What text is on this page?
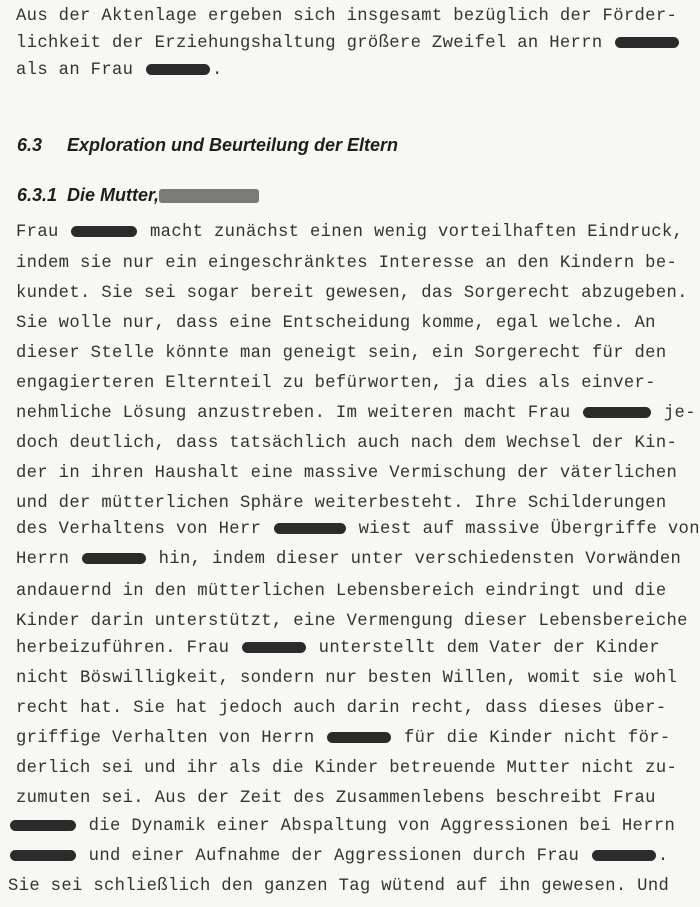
Aus der Aktenlage ergeben sich insgesamt bezüglich der Förder-
lichkeit der Erziehungshaltung größere Zweifel an Herrn
als an Frau	.
6.3 Exploration und Beurteilung der Eltern
6.3.1 Die Mutter,
Frau	macht zunächst einen wenig vorteilhaften Eindruck,
indem sie nur ein eingeschränktes Interesse an den Kindern be-
kundet. Sie sei sogar bereit gewesen, das Sorgerecht abzugeben.
Sie wolle nur, dass eine Entscheidung komme, egal welche. An
dieser Stelle könnte man geneigt sein, ein Sorgerecht für den
engagierteren Elternteil zu befürworten, ja dies als einver-
nehmliche Lösung anzustreben. Im weiteren macht Frau	je-
doch deutlich, dass tatsächlich auch nach dem Wechsel der Kin-
der in ihren Haushalt eine massive Vermischung der väterlichen
und der mütterlichen Sphäre weiterbesteht. Ihre Schilderungen
des Verhaltens von Herr	wiest auf massive Übergriffe von
Herrn	hin, indem dieser unter verschiedensten Vorwänden
andauernd in den mütterlichen Lebensbereich eindringt und die
Kinder darin unterstützt, eine Vermengung dieser Lebensbereiche
herbeizuführen. Frau	unterstellt dem Vater der Kinder
nicht Böswilligkeit, sondern nur besten Willen, womit sie wohl
recht hat. Sie hat jedoch auch darin recht, dass dieses über-
griffige Verhalten von Herrn	für die Kinder nicht för-
derlich sei und ihr als die Kinder betreuende Mutter nicht zu-
zumuten sei. Aus der Zeit des Zusammenlebens beschreibt Frau
die Dynamik einer Abspaltung von Aggressionen bei Herrn
und einer Aufnahme der Aggressionen durch Frau	.
Sie sei schließlich den ganzen Tag wütend auf ihn gewesen. Und
